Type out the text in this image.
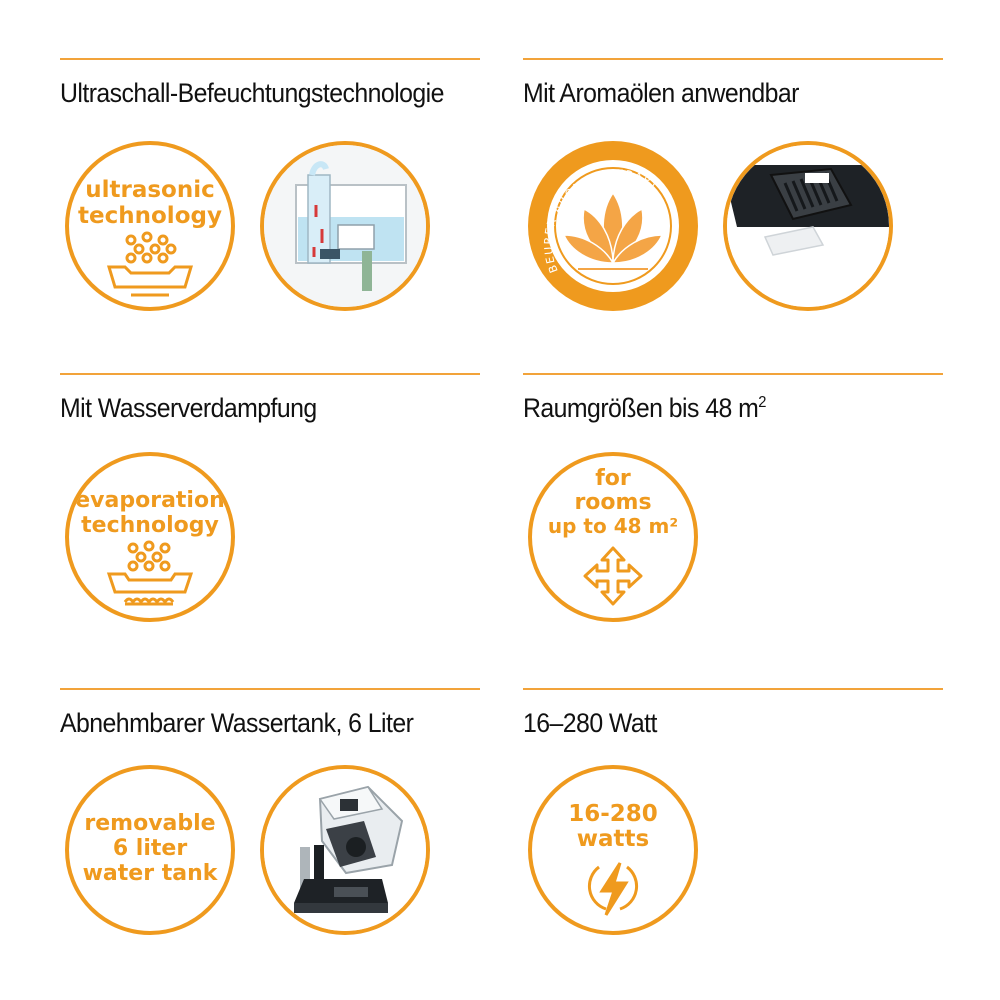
Ultraschall-Befeuchtungstechnologie
ultrasonic
technology
Mit Aromaölen anwendbar
BEURER AROMA THERAPY
Mit Wasserverdampfung
evaporation
technology
Raumgrößen bis 48 $m^2$
for
rooms
up to 48 m²
Abnehmbarer Wassertank, 6 Liter
removable
6 liter
water tank
16–280 Watt
16-280
watts
